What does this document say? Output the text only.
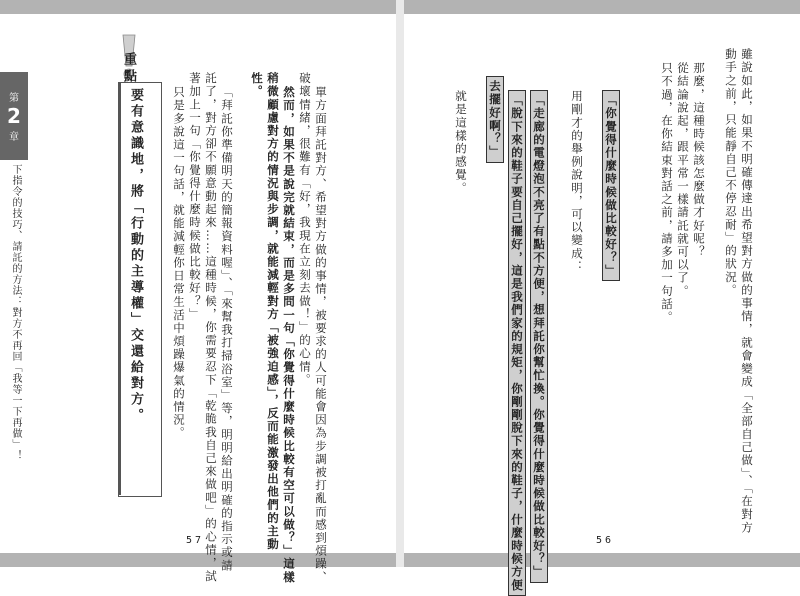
第
2
章
下指令的技巧、請託的方法：對方不再回「我等一下再做」！
重點
要有意識地，將「行動的主導權」交還給對方。	只是多說這一句話，就能減輕你日常生活中煩躁爆氣的情況。 託了，對方卻不願意動起來……這種時候，你需要忍下「乾脆我自己來做吧」的心情，試
著加上一句「你覺得什麼時候做比較好？」 「拜託你準備明天的簡報資料喔」、「來幫我打掃浴室」等，明明給出明確的指示或請	稍微顧慮對方的情況與步調，就能減輕對方「被強迫感」，反而能激發出他們的主動
性。
然而，如果不是說完就結束，而是多問一句「你覺得什麼時候比較有空可以做？」這樣 破壞情緒，很難有「好，我現在立刻去做！」的心情。 單方面拜託對方、希望對方做的事情，被要求的人可能會因為步調被打亂而感到煩躁、
57
雖說如此，如果不明確傳達出希望對方做的事情，就會變成「全部自己做」、「在對方
動手之前，只能靜自己不停忍耐」的狀況。
那麼，這種時候該怎麼做才好呢？
從結論說起，跟平常一樣請託就可以了。
只不過，在你結束對話之前，請多加一句話。
「你覺得什麼時候做比較好？」
用剛才的舉例說明，可以變成：
「走廊的電燈泡不亮了有點不方便，想拜託你幫忙換。你覺得什麼時候做比較好？」
「脫下來的鞋子要自己擺好，這是我們家的規矩，你剛剛脫下來的鞋子，什麼時候方便
去擺好啊？」
就是這樣的感覺。
56
